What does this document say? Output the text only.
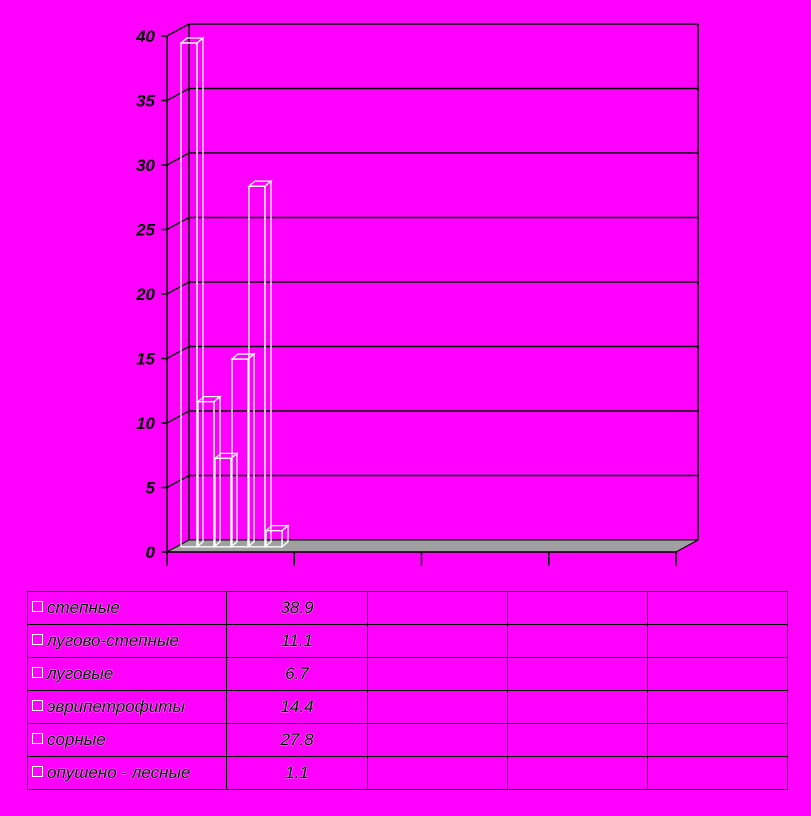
0
5
10
15
20
25
30
35
40
степные	38.9			
лугово-степные	11.1			
луговые	6.7			
эврипетрофиты	14.4			
сорные	27.8			
опушено - лесные	1.1			
